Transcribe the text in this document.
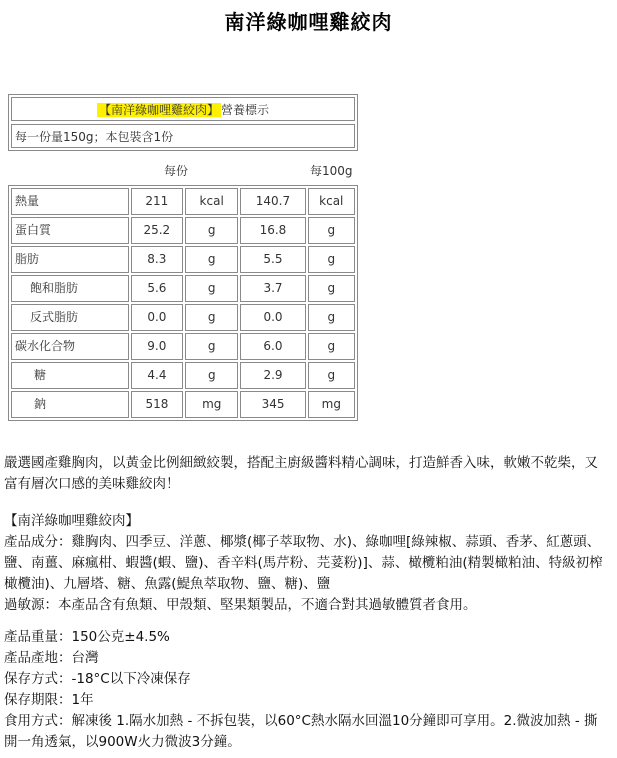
南洋綠咖哩雞絞肉
【南洋綠咖哩雞絞肉】 營養標示
每一份量150g；本包裝含1份
每份	每100g
熱量	211	kcal	140.7	kcal
蛋白質	25.2	g	16.8	g
脂肪	8.3	g	5.5	g
飽和脂肪	5.6	g	3.7	g
反式脂肪	0.0	g	0.0	g
碳水化合物	9.0	g	6.0	g
糖	4.4	g	2.9	g
鈉	518	mg	345	mg

嚴選國產雞胸肉，以黃金比例細緻絞製，搭配主廚級醬料精心調味，打造鮮香入味，軟嫩不乾柴，又富有層次口感的美味雞絞肉！

【南洋綠咖哩雞絞肉】

產品成分：雞胸肉、四季豆、洋蔥、椰漿(椰子萃取物、水)、綠咖哩[綠辣椒、蒜頭、香茅、紅蔥頭、鹽、南薑、麻瘋柑、蝦醬(蝦、鹽)、香辛料(馬芹粉、芫荽粉)]、蒜、橄欖粕油(精製橄粕油、特級初榨橄欖油)、九層塔、糖、魚露(鯷魚萃取物、鹽、糖)、鹽

過敏源：本產品含有魚類、甲殼類、堅果類製品，不適合對其過敏體質者食用。

產品重量：150公克±4.5%

產品產地：台灣

保存方式：-18°C以下冷凍保存

保存期限：1年

食用方式：解凍後 1.隔水加熱 - 不拆包裝，以60°C熱水隔水回溫10分鐘即可享用。2.微波加熱 - 撕開一角透氣，以900W火力微波3分鐘。
